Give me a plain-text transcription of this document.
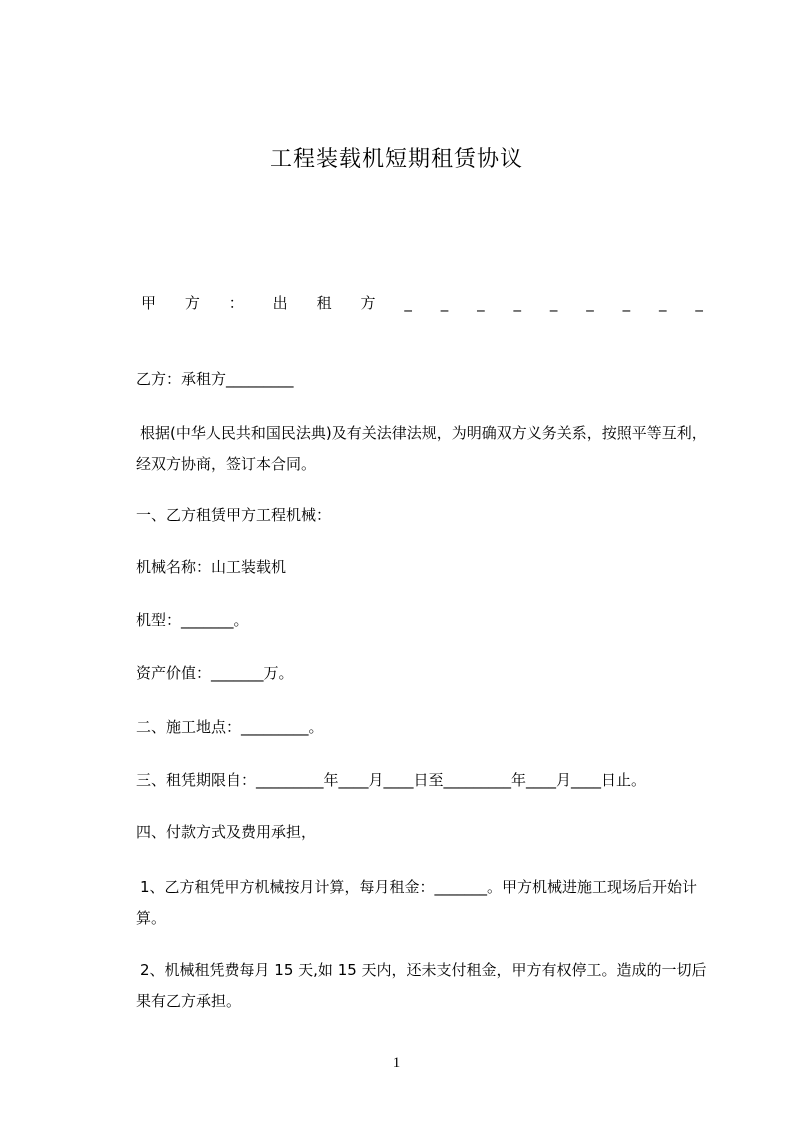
工程装载机短期租赁协议
甲 方 ： 出 租 方 _ _ _ _ _ _ _ _ _
乙方：承租方_________
根据(中华人民共和国民法典)及有关法律法规，为明确双方义务关系，按照平等互利，经双方协商，签订本合同。
一、乙方租赁甲方工程机械：
机械名称：山工装载机
机型：_______。
资产价值：_______万。
二、施工地点：_________。
三、租凭期限自：_________年____月____日至_________年____月____日止。
四、付款方式及费用承担，
1、乙方租凭甲方机械按月计算，每月租金：_______。甲方机械进施工现场后开始计算。
2、机械租凭费每月 15 天,如 15 天内，还未支付租金，甲方有权停工。造成的一切后果有乙方承担。
1
